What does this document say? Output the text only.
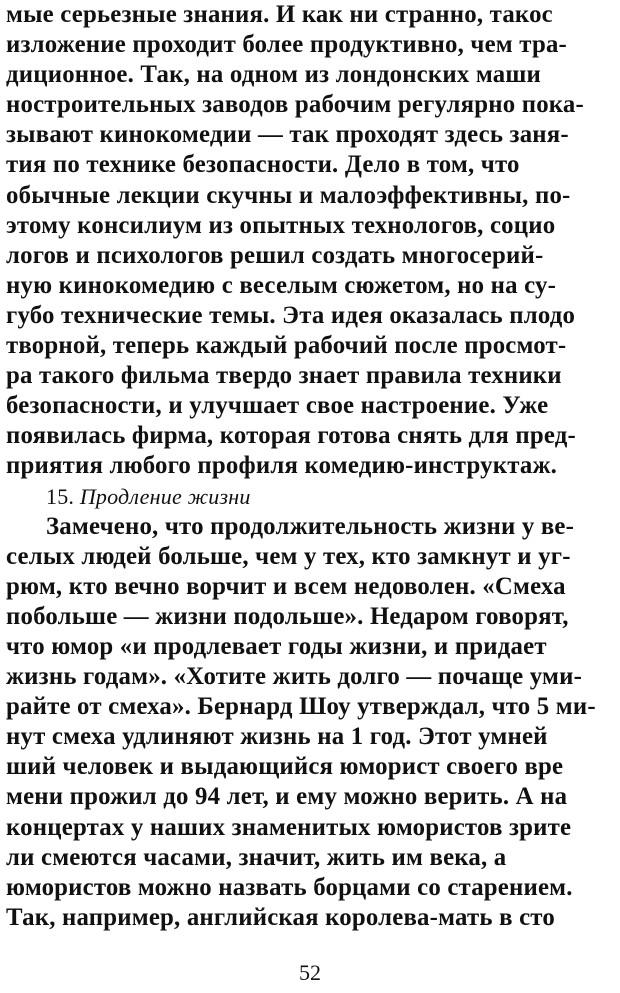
мые серьезные знания. И как ни странно, такос
изложение проходит более продуктивно, чем тра-
диционное. Так, на одном из лондонских маши
ностроительных заводов рабочим регулярно пока-
зывают кинокомедии — так проходят здесь заня-
тия по технике безопасности. Дело в том, что
обычные лекции скучны и малоэффективны, по-
этому консилиум из опытных технологов, социо
логов и психологов решил создать многосерий-
ную кинокомедию с веселым сюжетом, но на су-
губо технические темы. Эта идея оказалась плодо
творной, теперь каждый рабочий после просмот-
ра такого фильма твердо знает правила техники
безопасности, и улучшает свое настроение. Уже
появилась фирма, которая готова снять для пред-
приятия любого профиля комедию-инструктаж.
15. Продление жизни
Замечено, что продолжительность жизни у ве-
селых людей больше, чем у тех, кто замкнут и уг-
рюм, кто вечно ворчит и всем недоволен. «Смеха
побольше — жизни подольше». Недаром говорят,
что юмор «и продлевает годы жизни, и придает
жизнь годам». «Хотите жить долго — почаще уми-
райте от смеха». Бернард Шоу утверждал, что 5 ми-
нут смеха удлиняют жизнь на 1 год. Этот умней
ший человек и выдающийся юморист своего вре
мени прожил до 94 лет, и ему можно верить. А на
концертах у наших знаменитых юмористов зрите
ли смеются часами, значит, жить им века, а
юмористов можно назвать борцами со старением.
Так, например, английская королева-мать в сто
52
